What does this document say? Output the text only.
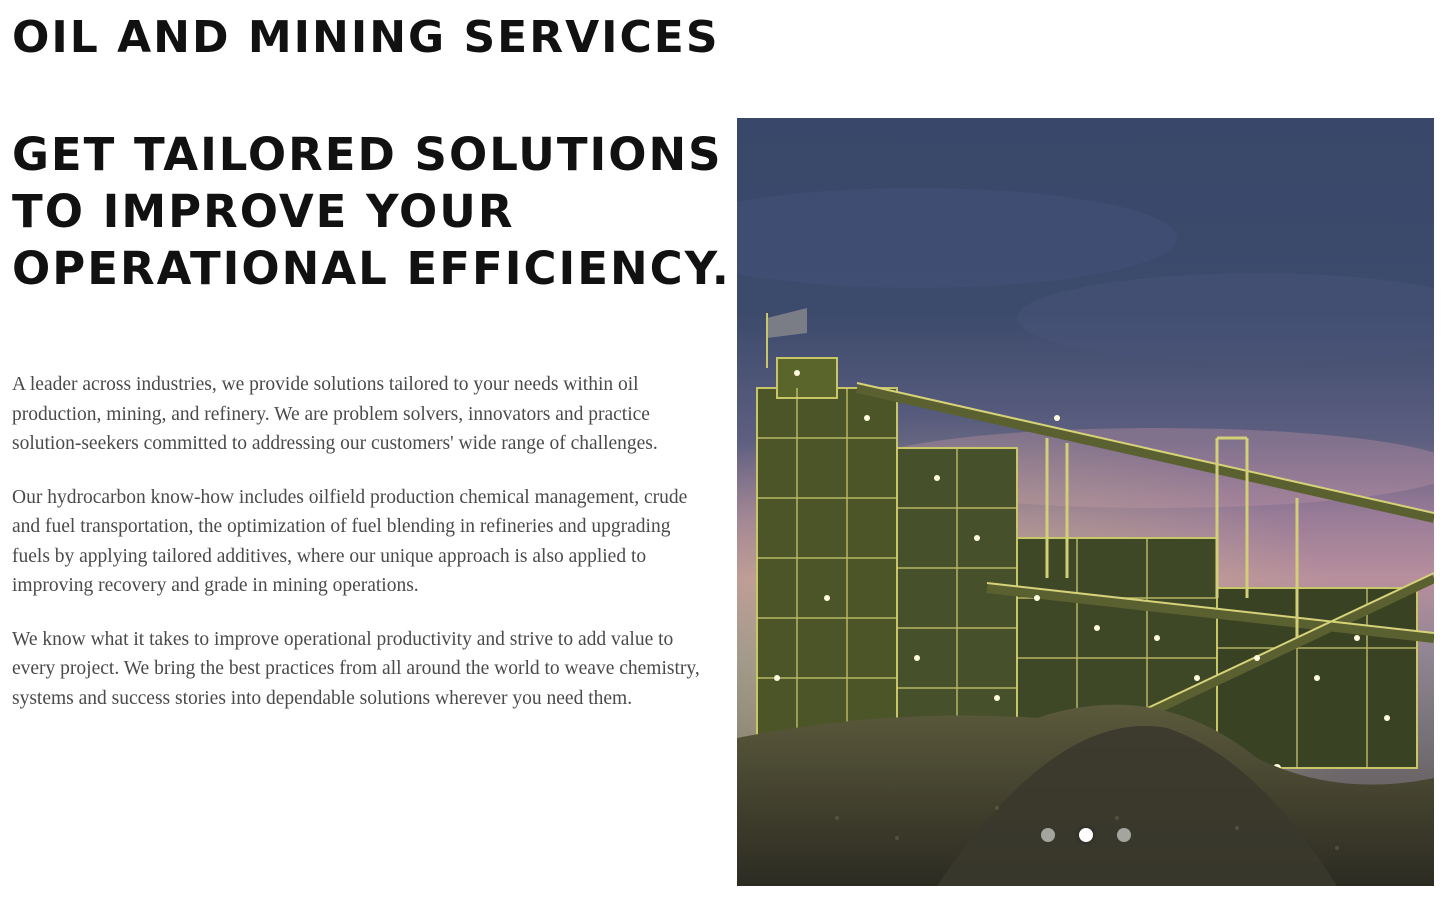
OIL AND MINING SERVICES
GET TAILORED SOLUTIONS TO IMPROVE YOUR OPERATIONAL EFFICIENCY.

A leader across industries, we provide solutions tailored to your needs within oil production, mining, and refinery. We are problem solvers, innovators and practice solution-seekers committed to addressing our customers' wide range of challenges.

Our hydrocarbon know-how includes oilfield production chemical management, crude and fuel transportation, the optimization of fuel blending in refineries and upgrading fuels by applying tailored additives, where our unique approach is also applied to improving recovery and grade in mining operations.

We know what it takes to improve operational productivity and strive to add value to every project. We bring the best practices from all around the world to weave chemistry, systems and success stories into dependable solutions wherever you need them.
